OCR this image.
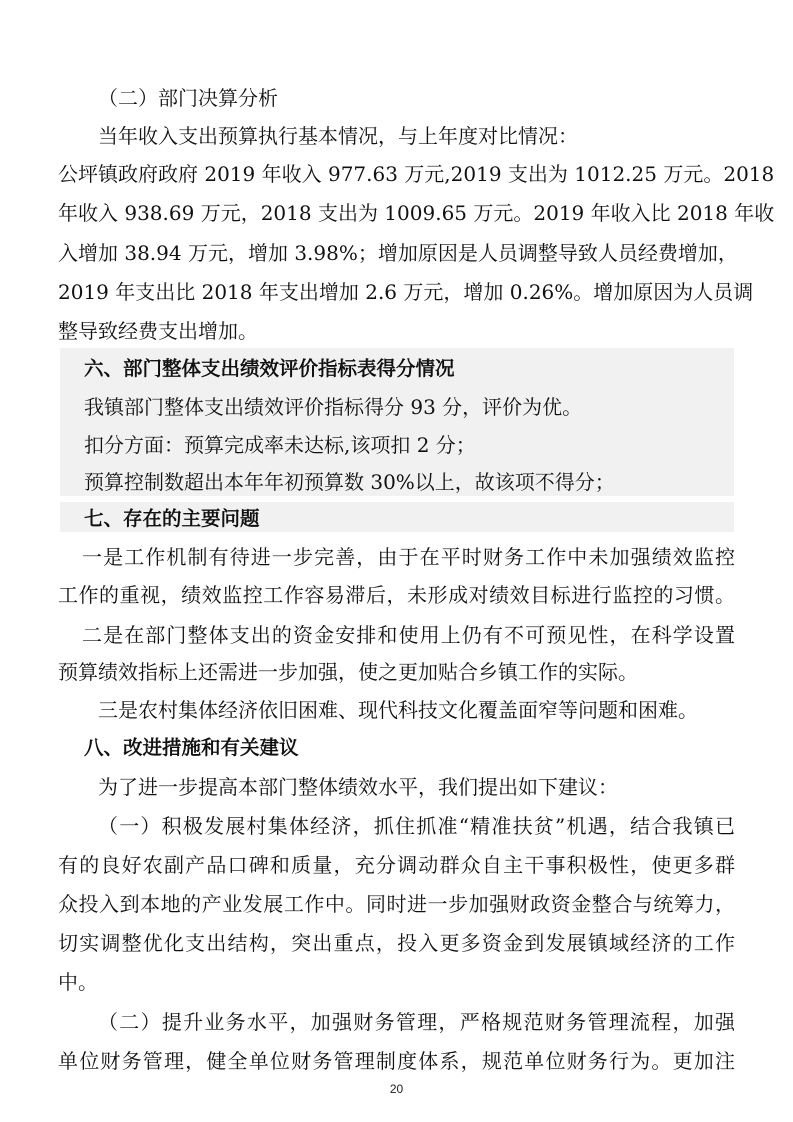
（二）部门决算分析
当年收入支出预算执行基本情况，与上年度对比情况：
公坪镇政府政府 2019 年收入 977.63 万元,2019 支出为 1012.25 万元。2018
年收入 938.69 万元，2018 支出为 1009.65 万元。2019 年收入比 2018 年收
入增加 38.94 万元，增加 3.98%；增加原因是人员调整导致人员经费增加，
2019 年支出比 2018 年支出增加 2.6 万元，增加 0.26%。增加原因为人员调
整导致经费支出增加。
六、部门整体支出绩效评价指标表得分情况
我镇部门整体支出绩效评价指标得分 93 分，评价为优。
扣分方面：预算完成率未达标,该项扣 2 分；
预算控制数超出本年年初预算数 30%以上，故该项不得分；
七、存在的主要问题
一是工作机制有待进一步完善，由于在平时财务工作中未加强绩效监控
工作的重视，绩效监控工作容易滞后，未形成对绩效目标进行监控的习惯。
二是在部门整体支出的资金安排和使用上仍有不可预见性，在科学设置
预算绩效指标上还需进一步加强，使之更加贴合乡镇工作的实际。
三是农村集体经济依旧困难、现代科技文化覆盖面窄等问题和困难。
八、改进措施和有关建议
为了进一步提高本部门整体绩效水平，我们提出如下建议：
（一）积极发展村集体经济，抓住抓准“精准扶贫”机遇，结合我镇已
有的良好农副产品口碑和质量，充分调动群众自主干事积极性，使更多群
众投入到本地的产业发展工作中。同时进一步加强财政资金整合与统筹力，
切实调整优化支出结构，突出重点，投入更多资金到发展镇域经济的工作
中。
（二）提升业务水平，加强财务管理，严格规范财务管理流程，加强
单位财务管理，健全单位财务管理制度体系，规范单位财务行为。更加注
20
